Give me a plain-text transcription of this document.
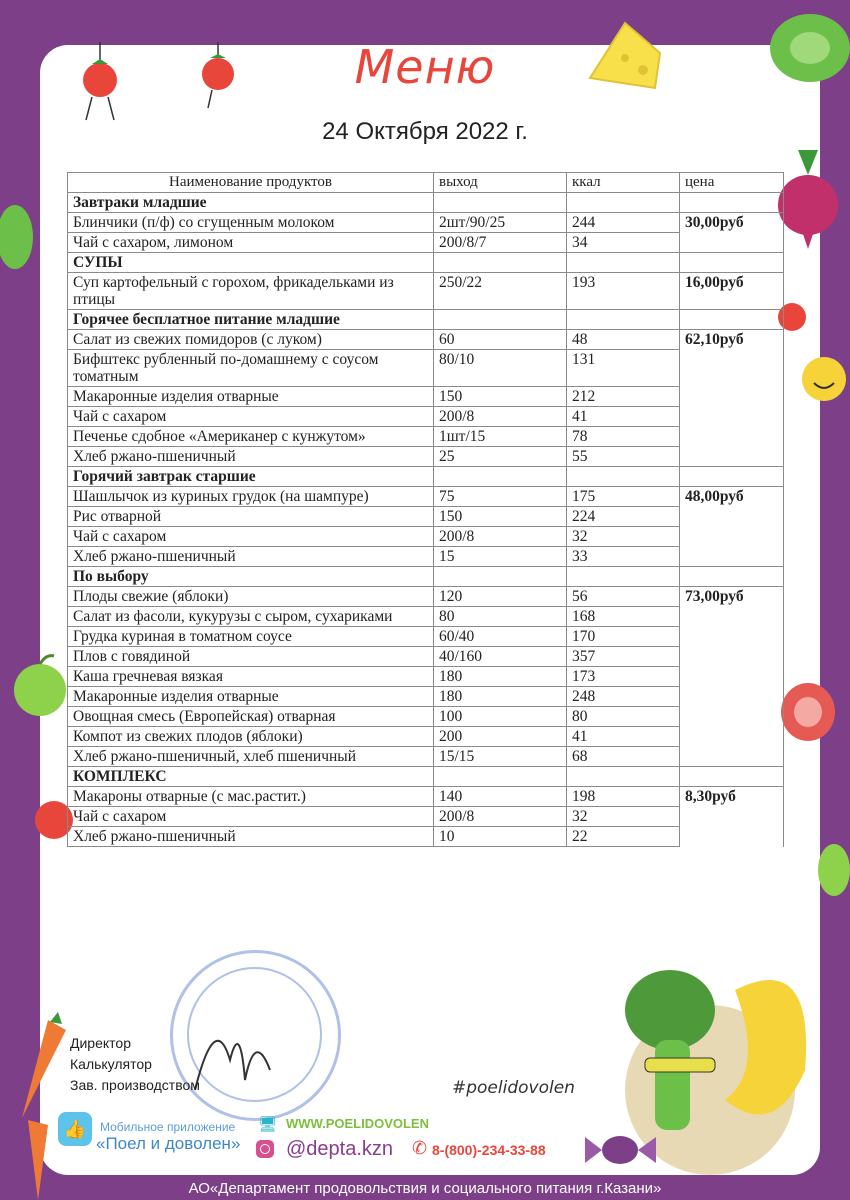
Меню
24 Октября 2022 г.
Наименование продуктов	выход	ккал	цена
Завтраки младшие			
Блинчики (п/ф) со сгущенным молоком	2шт/90/25	244	30,00руб
Чай с сахаром, лимоном	200/8/7	34	
СУПЫ			
Суп картофельный с горохом, фрикадельками из птицы	250/22	193	16,00руб
Горячее бесплатное питание младшие			
Салат из свежих помидоров (с луком)	60	48	62,10руб
Бифштекс рубленный по-домашнему с соусом томатным	80/10	131	
Макаронные изделия отварные	150	212	
Чай с сахаром	200/8	41	
Печенье сдобное «Американер с кунжутом»	1шт/15	78	
Хлеб ржано-пшеничный	25	55	
Горячий завтрак старшие			
Шашлычок из куриных грудок (на шампуре)	75	175	48,00руб
Рис отварной	150	224	
Чай с сахаром	200/8	32	
Хлеб ржано-пшеничный	15	33	
По выбору			
Плоды свежие (яблоки)	120	56	73,00руб
Салат из фасоли, кукурузы с сыром, сухариками	80	168	
Грудка куриная в томатном соусе	60/40	170	
Плов с говядиной	40/160	357	
Каша гречневая вязкая	180	173	
Макаронные изделия отварные	180	248	
Овощная смесь (Европейская) отварная	100	80	
Компот из свежих плодов (яблоки)	200	41	
Хлеб ржано-пшеничный, хлеб пшеничный	15/15	68	
КОМПЛЕКС			
Макароны отварные (с мас.растит.)	140	198	8,30руб
Чай с сахаром	200/8	32	
Хлеб ржано-пшеничный	10	22	
Директор
Калькулятор
Зав. производством	#poelidovolen
👍	Мобильное приложение
«Поел и доволен»
🖥 WWW.POELIDOVOLEN
@depta.kzn ✆ 8-(800)-234-33-88
АО«Департамент продовольствия и социального питания г.Казани»
